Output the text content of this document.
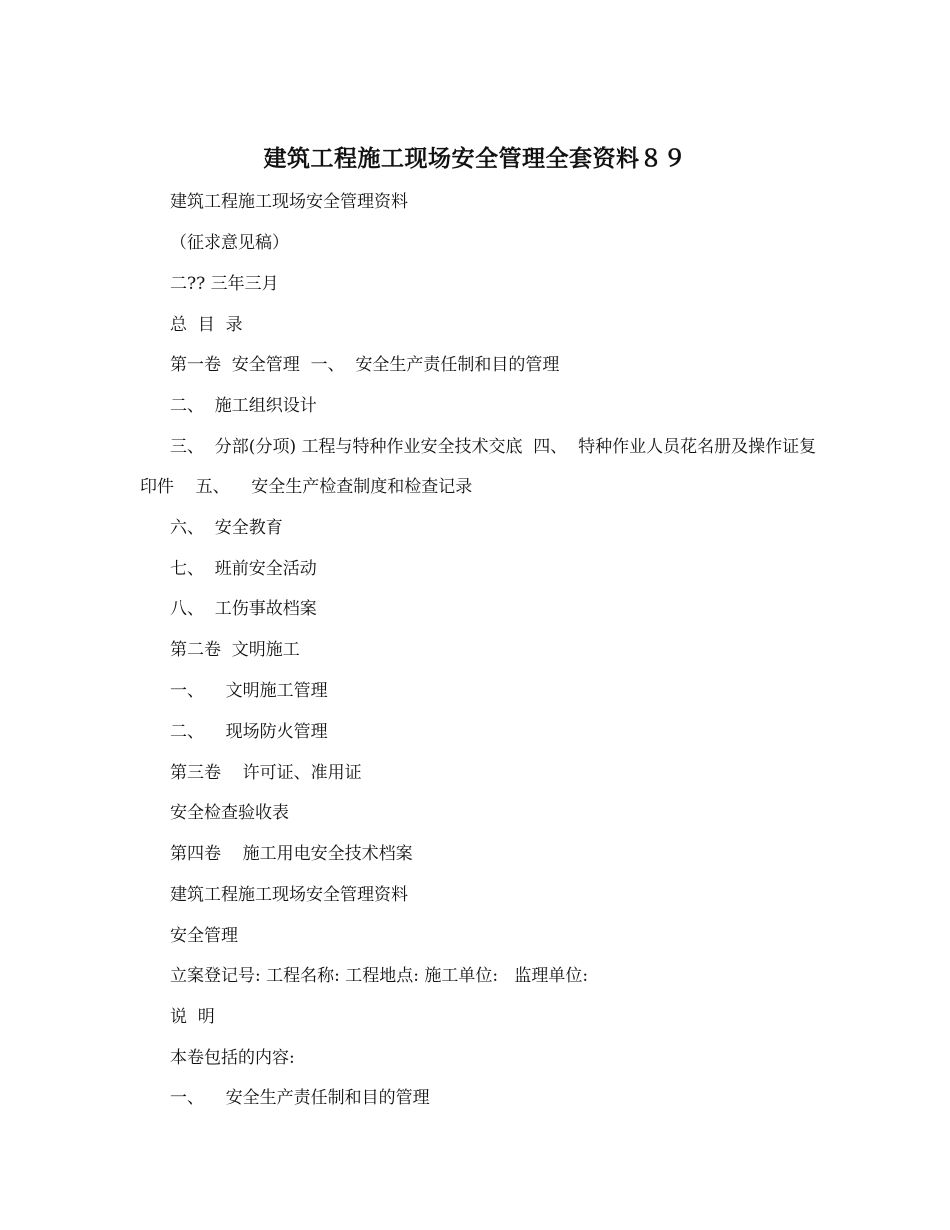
建筑工程施工现场安全管理全套资料８９
建筑工程施工现场安全管理资料
（征求意见稿）
二?? 三年三月
总  目  录
第一卷  安全管理  一、  安全生产责任制和目的管理
二、  施工组织设计
三、  分部(分项) 工程与特种作业安全技术交底  四、  特种作业人员花名册及操作证复印件    五、    安全生产检查制度和检查记录
六、  安全教育
七、  班前安全活动
八、  工伤事故档案
第二卷  文明施工
一、    文明施工管理
二、    现场防火管理
第三卷    许可证、准用证
安全检查验收表
第四卷    施工用电安全技术档案
建筑工程施工现场安全管理资料
安全管理
立案登记号: 工程名称: 工程地点: 施工单位:   监理单位:
说  明
本卷包括的内容:
一、    安全生产责任制和目的管理
